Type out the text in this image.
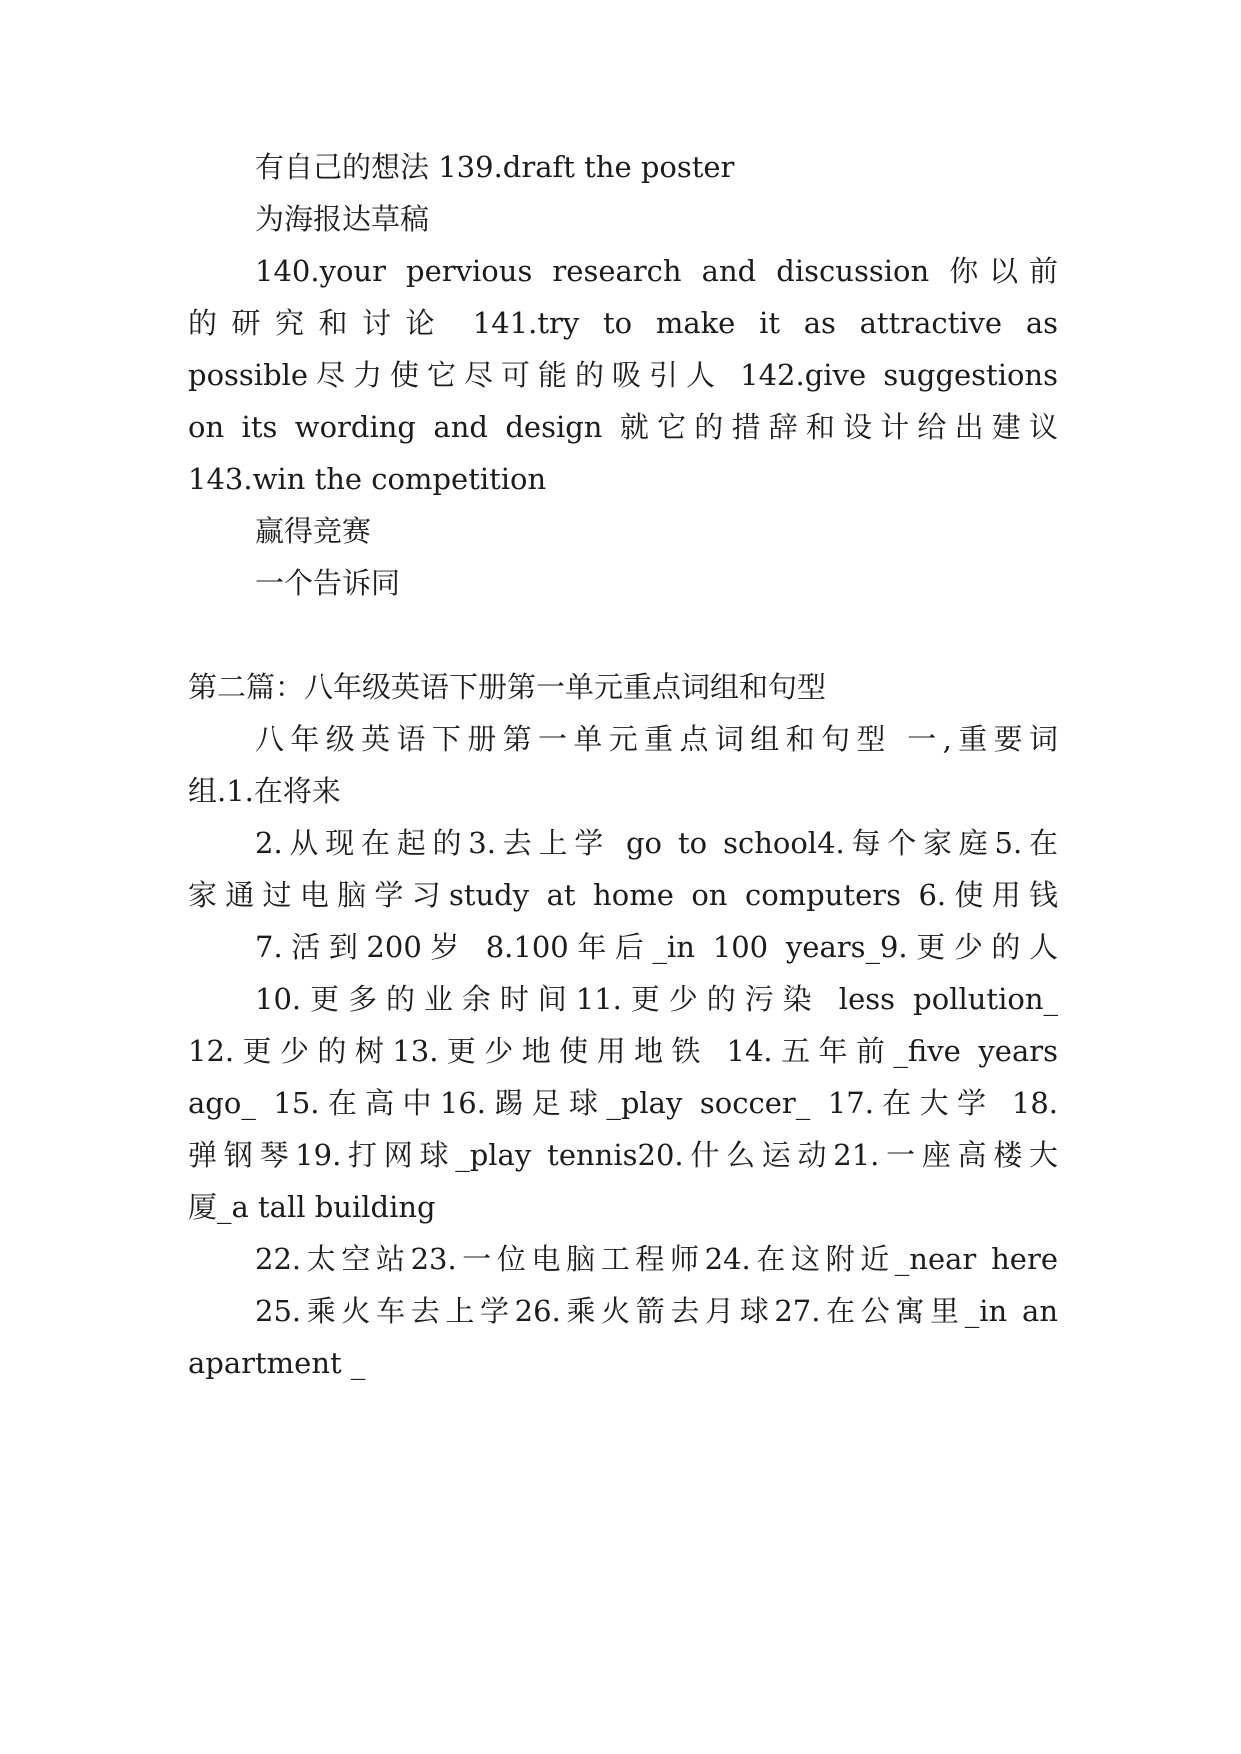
有自己的想法 139.draft the poster
为海报达草稿
140.your pervious research and discussion 你以前
的研究和讨论 141.try to make it as attractive as
possible尽力使它尽可能的吸引人 142.give suggestions
on its wording and design 就它的措辞和设计给出建议
143.win the competition
赢得竞赛
一个告诉同
第二篇：八年级英语下册第一单元重点词组和句型
八年级英语下册第一单元重点词组和句型 一,重要词
组.1.在将来
2.从现在起的3.去上学 go to school4.每个家庭5.在
家通过电脑学习study at home on computers 6.使用钱
7.活到200岁 8.100年后_in 100 years_9.更少的人
10.更多的业余时间11.更少的污染 less pollution_
12.更少的树13.更少地使用地铁 14.五年前_five years
ago_ 15.在高中16.踢足球_play soccer_ 17.在大学 18.
弹钢琴19.打网球_play tennis20.什么运动21.一座高楼大
厦_a tall building
22.太空站23.一位电脑工程师24.在这附近_near here
25.乘火车去上学26.乘火箭去月球27.在公寓里_in an
apartment _
